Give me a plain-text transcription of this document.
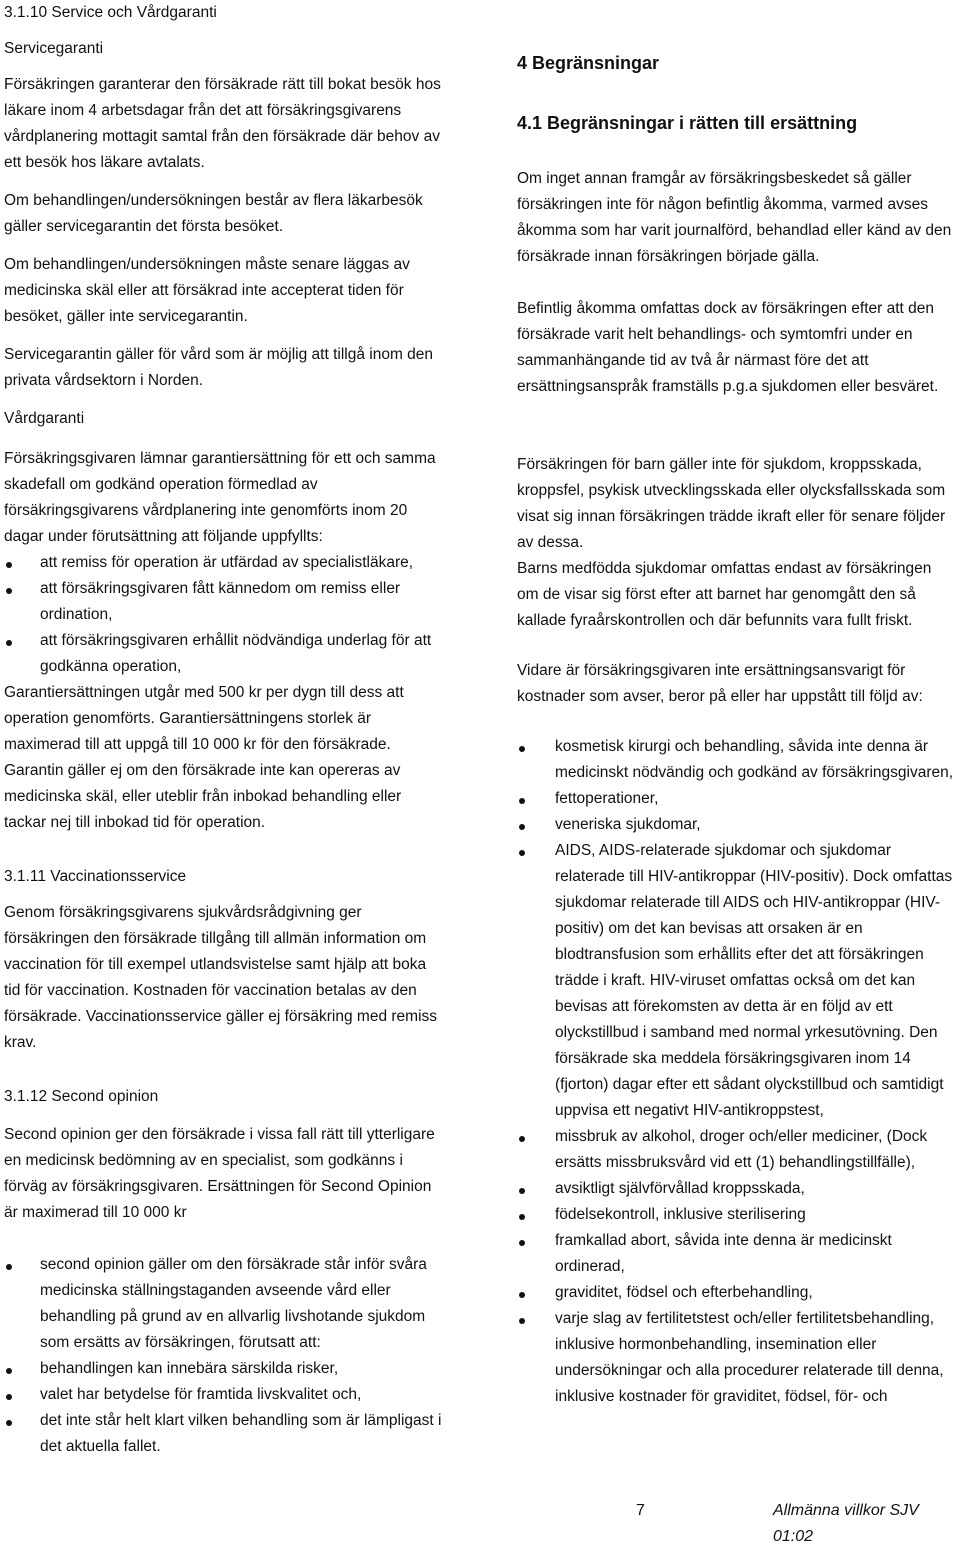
3.1.10 Service och Vårdgaranti
Servicegaranti
Försäkringen garanterar den försäkrade rätt till bokat besök hos läkare inom 4 arbetsdagar från det att försäkringsgivarens vårdplanering mottagit samtal från den försäkrade där behov av ett besök hos läkare avtalats.
Om behandlingen/undersökningen består av flera läkarbesök gäller servicegarantin det första besöket.
Om behandlingen/undersökningen måste senare läggas av medicinska skäl eller att försäkrad inte accepterat tiden för besöket, gäller inte servicegarantin.
Servicegarantin gäller för vård som är möjlig att tillgå inom den privata vårdsektorn i Norden.
Vårdgaranti
Försäkringsgivaren lämnar garantiersättning för ett och samma skadefall om godkänd operation förmedlad av försäkringsgivarens vårdplanering inte genomförts inom 20 dagar under förutsättning att följande uppfyllts:
att remiss för operation är utfärdad av specialistläkare,
att försäkringsgivaren fått kännedom om remiss eller ordination,
att försäkringsgivaren erhållit nödvändiga underlag för att godkänna operation,
Garantiersättningen utgår med 500 kr per dygn till dess att operation genomförts. Garantiersättningens storlek är maximerad till att uppgå till 10 000 kr för den försäkrade. Garantin gäller ej om den försäkrade inte kan opereras av medicinska skäl, eller uteblir från inbokad behandling eller tackar nej till inbokad tid för operation.
3.1.11 Vaccinationsservice
Genom försäkringsgivarens sjukvårdsrådgivning ger försäkringen den försäkrade tillgång till allmän information om vaccination för till exempel utlandsvistelse samt hjälp att boka tid för vaccination. Kostnaden för vaccination betalas av den försäkrade. Vaccinationsservice gäller ej försäkring med remiss krav.
3.1.12 Second opinion
Second opinion ger den försäkrade i vissa fall rätt till ytterligare en medicinsk bedömning av en specialist, som godkänns i förväg av försäkringsgivaren. Ersättningen för Second Opinion är maximerad till 10 000 kr
second opinion gäller om den försäkrade står inför svåra medicinska ställningstaganden avseende vård eller behandling på grund av en allvarlig livshotande sjukdom som ersätts av försäkringen, förutsatt att:
behandlingen kan innebära särskilda risker,
valet har betydelse för framtida livskvalitet och,
det inte står helt klart vilken behandling som är lämpligast i det aktuella fallet.
4 Begränsningar
4.1 Begränsningar i rätten till ersättning
Om inget annan framgår av försäkringsbeskedet så gäller försäkringen inte för någon befintlig åkomma, varmed avses åkomma som har varit journalförd, behandlad eller känd av den försäkrade innan försäkringen började gälla.
Befintlig åkomma omfattas dock av försäkringen efter att den försäkrade varit helt behandlings- och symtomfri under en sammanhängande tid av två år närmast före det att ersättningsanspråk framställs p.g.a sjukdomen eller besväret.
Försäkringen för barn gäller inte för sjukdom, kroppsskada, kroppsfel, psykisk utvecklingsskada eller olycksfallsskada som visat sig innan försäkringen trädde ikraft eller för senare följder av dessa.
Barns medfödda sjukdomar omfattas endast av försäkringen om de visar sig först efter att barnet har genomgått den så kallade fyraårskontrollen och där befunnits vara fullt friskt.
Vidare är försäkringsgivaren inte ersättningsansvarigt för kostnader som avser, beror på eller har uppstått till följd av:
kosmetisk kirurgi och behandling, såvida inte denna är medicinskt nödvändig och godkänd av försäkringsgivaren,
fettoperationer,
veneriska sjukdomar,
AIDS, AIDS-relaterade sjukdomar och sjukdomar relaterade till HIV-antikroppar (HIV-positiv). Dock omfattas sjukdomar relaterade till AIDS och HIV-antikroppar (HIV-positiv) om det kan bevisas att orsaken är en blodtransfusion som erhållits efter det att försäkringen trädde i kraft. HIV-viruset omfattas också om det kan bevisas att förekomsten av detta är en följd av ett olyckstillbud i samband med normal yrkesutövning. Den försäkrade ska meddela försäkringsgivaren inom 14 (fjorton) dagar efter ett sådant olyckstillbud och samtidigt uppvisa ett negativt HIV-antikroppstest,
missbruk av alkohol, droger och/eller mediciner, (Dock ersätts missbruksvård vid ett (1) behandlingstillfälle),
avsiktligt självförvållad kroppsskada,
födelsekontroll, inklusive sterilisering
framkallad abort, såvida inte denna är medicinskt ordinerad,
graviditet, födsel och efterbehandling,
varje slag av fertilitetstest och/eller fertilitetsbehandling, inklusive hormonbehandling, insemination eller undersökningar och alla procedurer relaterade till denna, inklusive kostnader för graviditet, födsel, för- och
7	Allmänna villkor SJV 01:02
